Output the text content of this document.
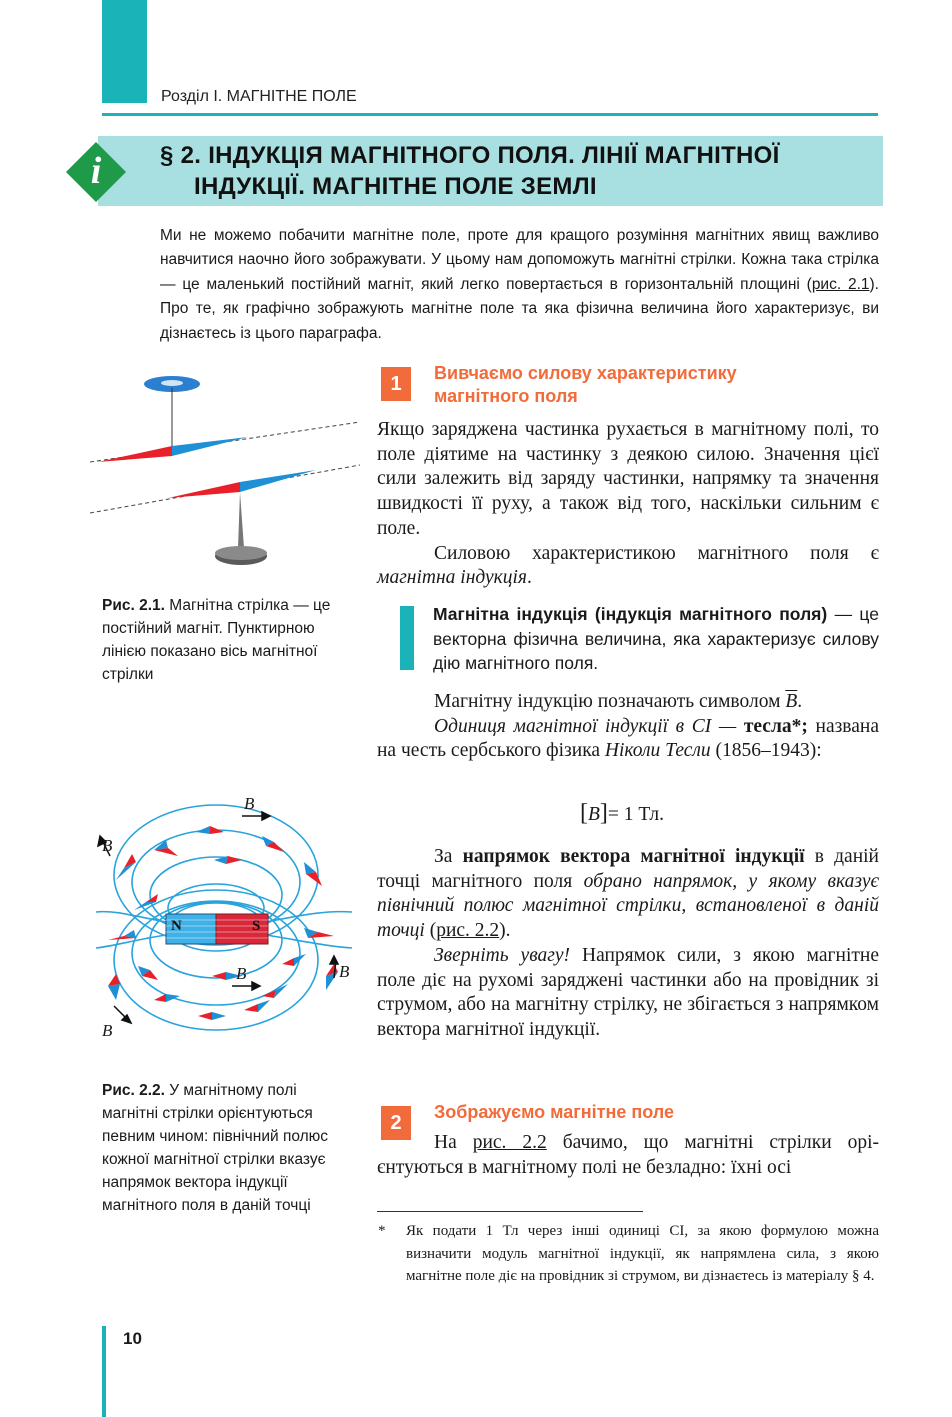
Розділ I. МАГНІТНЕ ПОЛЕ
i	§ 2. ІНДУКЦІЯ МАГНІТНОГО ПОЛЯ. ЛІНІЇ МАГНІТНОЇ
ІНДУКЦІЇ. МАГНІТНЕ ПОЛЕ ЗЕМЛІ

Ми не можемо побачити магнітне поле, проте для кращого розуміння магнітних явищ важливо навчитися наочно його зображувати. У цьому нам допоможуть магнітні стрілки. Кожна така стрілка — це маленький постійний магніт, який легко повертається в горизонтальній площині (рис. 2.1). Про те, як графічно зображують магнітне поле та яка фізична величина його характеризує, ви дізнаєтесь із цього параграфа.

Рис. 2.1. Магнітна стрілка — це постійний магніт. Пунктирною лінією показано вісь магнітної стрілки

N	S
B
B
B	B
B

Рис. 2.2. У магнітному полі магнітні стрілки орієнтуються певним чином: північний полюс кожної магнітної стрілки вказує напрямок вектора індукції магнітного поля в даній точці

1	Вивчаємо силову характеристику
магнітного поля

Якщо заряджена частинка рухається в магнітному полі, то поле діятиме на частинку з деякою силою. Значення цієї сили залежить від заряду частинки, напрямку та значення швидкості її руху, а також від того, наскільки сильним є поле.

Силовою характеристикою магнітного поля є магнітна індукція.

Магнітна індукція (індукція магнітного поля) — це векторна фізична величина, яка характеризує силову дію магнітного поля.

Магнітну індукцію позначають символом $\overline{B}$.

Одиниця магнітної індукції в СІ — тесла*; названа на честь сербського фізика Ніколи Тесли (1856–1943):

[B]= 1 Тл.

За напрямок вектора магнітної індукції в даній точці магнітного поля обрано напрямок, у якому вказує північний полюс магнітної стрілки, встановленої в даній точці (рис. 2.2).

Зверніть увагу! Напрямок сили, з якою магнітне поле діє на рухомі заряджені частинки або на провідник зі струмом, або на магнітну стрілку, не збігається з напрямком вектора магнітної індукції.

2	Зображуємо магнітне поле

На рис. 2.2 бачимо, що магнітні стрілки орієнтуються в магнітному полі не безладно: їхні осі

* Як подати 1 Тл через інші одиниці СІ, за якою формулою можна визначити модуль магнітної індукції, як напрямлена сила, з якою магнітне поле діє на провідник зі струмом, ви дізнаєтесь із матеріалу § 4.

10
